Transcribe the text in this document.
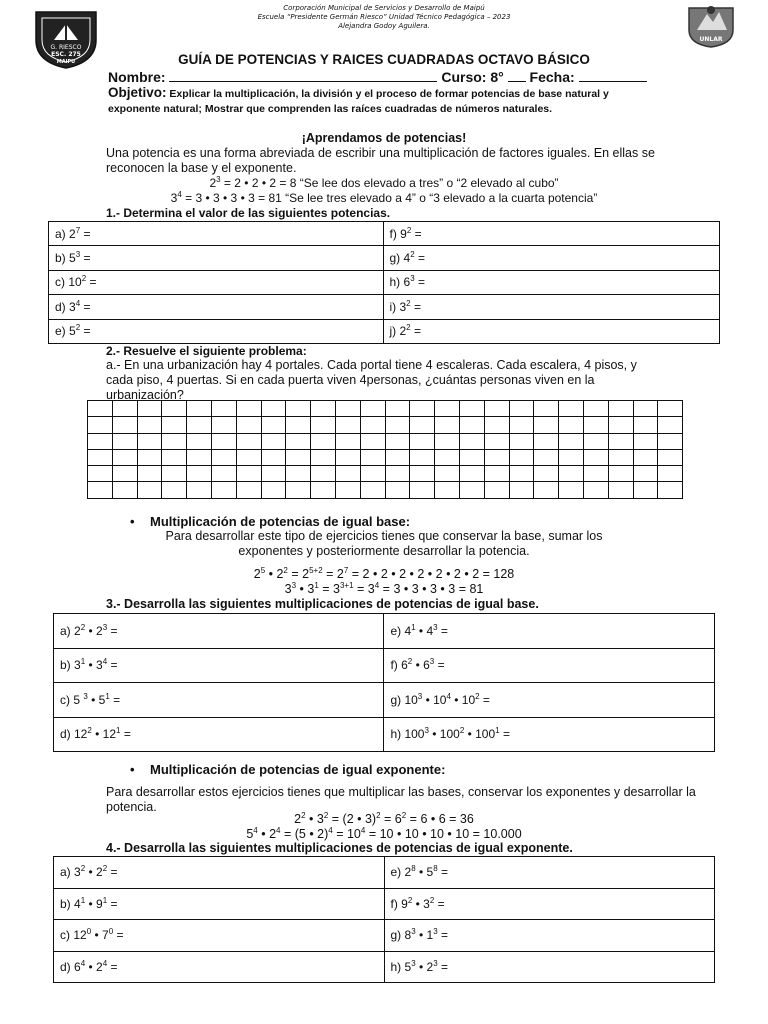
G. RIESCO
ESC. 275
MAIPU
UNLAR
Corporación Municipal de Servicios y Desarrollo de Maipú
Escuela “Presidente Germán Riesco” Unidad Técnico Pedagógica – 2023
Alejandra Godoy Aguilera.
GUÍA DE POTENCIAS Y RAICES CUADRADAS OCTAVO BÁSICO
Nombre:	Curso: 8° Fecha:
Objetivo: Explicar la multiplicación, la división y el proceso de formar potencias de base natural y exponente natural; Mostrar que comprenden las raíces cuadradas de números naturales.
¡Aprendamos de potencias!
Una potencia es una forma abreviada de escribir una multiplicación de factores iguales. En ellas se reconocen la base y el exponente.
$2^3 = 2$ • 2 • 2 = 8 “Se lee dos elevado a tres” o “2 elevado al cubo”
$3^4 = 3$ • 3 • 3 • 3 = 81 “Se lee tres elevado a 4” o “3 elevado a la cuarta potencia”
1.- Determina el valor de las siguientes potencias.
a) $2^7$ =	f) $9^2$ =
b) $5^3$ =	g) $4^2$ =
c) $10^2$ =	h) $6^3$ =
d) $3^4$ =	i) $3^2$ =
e) $5^2$ =	j) $2^2$ =
2.- Resuelve el siguiente problema:
a.- En una urbanización hay 4 portales. Cada portal tiene 4 escaleras. Cada escalera, 4 pisos, y cada piso, 4 puertas. Si en cada puerta viven 4personas, ¿cuántas personas viven en la urbanización?

• Multiplicación de potencias de igual base:
Para desarrollar este tipo de ejercicios tienes que conservar la base, sumar los exponentes y posteriormente desarrollar la potencia.
$2^5$ • $2^2 = 2^{5+2} = 2^7 = 2$ • 2 • 2 • 2 • 2 • 2 • 2 = 128
$3^3$ • $3^1 = 3^{3+1} = 3^4 = 3$ • 3 • 3 • 3 = 81
3.- Desarrolla las siguientes multiplicaciones de potencias de igual base.
a) $2^2$ • $2^3$ =	e) $4^1$ • $4^3$ =
b) $3^1$ • $3^4$ =	f) $6^2$ • $6^3$ =
c) 5 $^3$ • $5^1$ =	g) $10^3$ • $10^4$ • $10^2$ =
d) $12^2$ • $12^1$ =	h) $100^3$ • $100^2$ • $100^1$ =
• Multiplicación de potencias de igual exponente:
Para desarrollar estos ejercicios tienes que multiplicar las bases, conservar los exponentes y desarrollar la potencia.
$2^2$ • $3^2 = (2$ • $3)^2 = 6^2 = 6$ • 6 = 36
$5^4$ • $2^4 = (5$ • $2)^4 = 10^4 = 10$ • 10 • 10 • 10 = 10.000
4.- Desarrolla las siguientes multiplicaciones de potencias de igual exponente.
a) $3^2$ • $2^2$ =	e) $2^8$ • $5^8$ =
b) $4^1$ • $9^1$ =	f) $9^2$ • $3^2$ =
c) $12^0$ • $7^0$ =	g) $8^3$ • $1^3$ =
d) $6^4$ • $2^4$ =	h) $5^3$ • $2^3$ =
